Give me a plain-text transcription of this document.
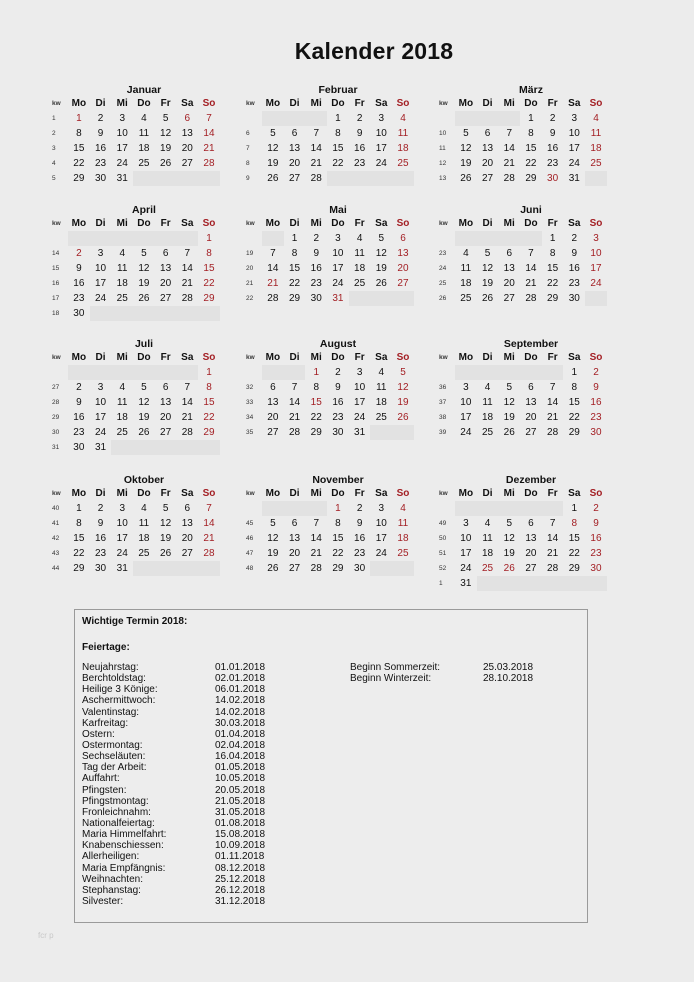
Kalender 2018
Januar
kw	Mo	Di	Mi	Do	Fr	Sa	So
1	1	2	3	4	5	6	7
2	8	9	10	11	12	13	14
3	15	16	17	18	19	20	21
4	22	23	24	25	26	27	28
5	29	30	31				
Februar
kw	Mo	Di	Mi	Do	Fr	Sa	So
				1	2	3	4
6	5	6	7	8	9	10	11
7	12	13	14	15	16	17	18
8	19	20	21	22	23	24	25
9	26	27	28				
März
kw	Mo	Di	Mi	Do	Fr	Sa	So
				1	2	3	4
10	5	6	7	8	9	10	11
11	12	13	14	15	16	17	18
12	19	20	21	22	23	24	25
13	26	27	28	29	30	31	
April
kw	Mo	Di	Mi	Do	Fr	Sa	So
							1
14	2	3	4	5	6	7	8
15	9	10	11	12	13	14	15
16	16	17	18	19	20	21	22
17	23	24	25	26	27	28	29
18	30						
Mai
kw	Mo	Di	Mi	Do	Fr	Sa	So
		1	2	3	4	5	6
19	7	8	9	10	11	12	13
20	14	15	16	17	18	19	20
21	21	22	23	24	25	26	27
22	28	29	30	31			
Juni
kw	Mo	Di	Mi	Do	Fr	Sa	So
					1	2	3
23	4	5	6	7	8	9	10
24	11	12	13	14	15	16	17
25	18	19	20	21	22	23	24
26	25	26	27	28	29	30	
Juli
kw	Mo	Di	Mi	Do	Fr	Sa	So
							1
27	2	3	4	5	6	7	8
28	9	10	11	12	13	14	15
29	16	17	18	19	20	21	22
30	23	24	25	26	27	28	29
31	30	31					
August
kw	Mo	Di	Mi	Do	Fr	Sa	So
			1	2	3	4	5
32	6	7	8	9	10	11	12
33	13	14	15	16	17	18	19
34	20	21	22	23	24	25	26
35	27	28	29	30	31		
September
kw	Mo	Di	Mi	Do	Fr	Sa	So
						1	2
36	3	4	5	6	7	8	9
37	10	11	12	13	14	15	16
38	17	18	19	20	21	22	23
39	24	25	26	27	28	29	30
Oktober
kw	Mo	Di	Mi	Do	Fr	Sa	So
40	1	2	3	4	5	6	7
41	8	9	10	11	12	13	14
42	15	16	17	18	19	20	21
43	22	23	24	25	26	27	28
44	29	30	31				
November
kw	Mo	Di	Mi	Do	Fr	Sa	So
				1	2	3	4
45	5	6	7	8	9	10	11
46	12	13	14	15	16	17	18
47	19	20	21	22	23	24	25
48	26	27	28	29	30		
Dezember
kw	Mo	Di	Mi	Do	Fr	Sa	So
						1	2
49	3	4	5	6	7	8	9
50	10	11	12	13	14	15	16
51	17	18	19	20	21	22	23
52	24	25	26	27	28	29	30
1	31						
Wichtige Termin 2018:
Feiertage:
Neujahrstag:	01.01.2018
Berchtoldstag:	02.01.2018
Heilige 3 Könige:	06.01.2018
Aschermittwoch:	14.02.2018
Valentinstag:	14.02.2018
Karfreitag:	30.03.2018
Ostern:	01.04.2018
Ostermontag:	02.04.2018
Sechseläuten:	16.04.2018
Tag der Arbeit:	01.05.2018
Auffahrt:	10.05.2018
Pfingsten:	20.05.2018
Pfingstmontag:	21.05.2018
Fronleichnahm:	31.05.2018
Nationalfeiertag:	01.08.2018
Maria Himmelfahrt:	15.08.2018
Knabenschiessen:	10.09.2018
Allerheiligen:	01.11.2018
Maria Empfängnis:	08.12.2018
Weihnachten:	25.12.2018
Stephanstag:	26.12.2018
Silvester:	31.12.2018
Beginn Sommerzeit:	25.03.2018
Beginn Winterzeit:	28.10.2018
fcr p
